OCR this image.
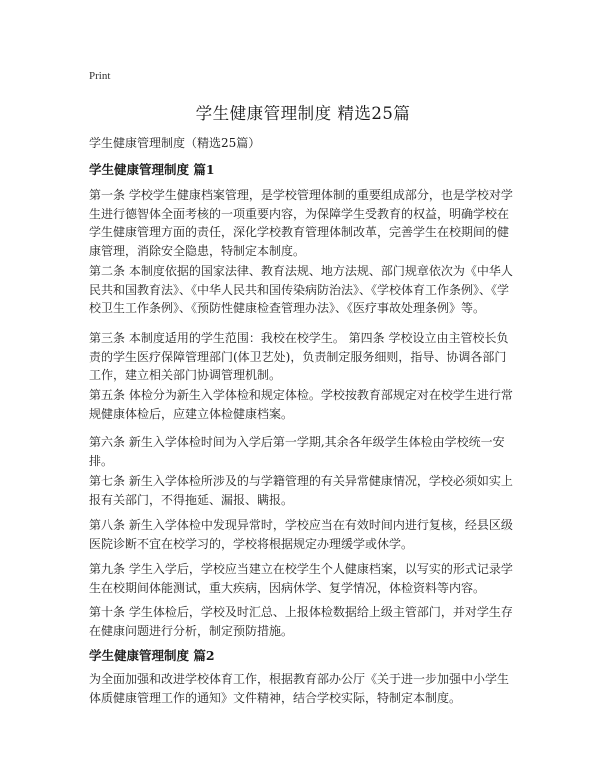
Print
学生健康管理制度 精选25篇
学生健康管理制度（精选25篇）
学生健康管理制度 篇1

第一条 学校学生健康档案管理，是学校管理体制的重要组成部分，也是学校对学生进行德智体全面考核的一项重要内容，为保障学生受教育的权益，明确学校在学生健康管理方面的责任，深化学校教育管理体制改革，完善学生在校期间的健康管理，消除安全隐患，特制定本制度。

第二条 本制度依据的国家法律、教育法规、地方法规、部门规章依次为《中华人民共和国教育法》、《中华人民共和国传染病防治法》、《学校体育工作条例》、《学校卫生工作条例》、《预防性健康检查管理办法》、《医疗事故处理条例》等。

第三条 本制度适用的学生范围：我校在校学生。 第四条 学校设立由主管校长负责的学生医疗保障管理部门(体卫艺处)，负责制定服务细则，指导、协调各部门工作，建立相关部门协调管理机制。

第五条 体检分为新生入学体检和规定体检。学校按教育部规定对在校学生进行常规健康体检后，应建立体检健康档案。

第六条 新生入学体检时间为入学后第一学期,其余各年级学生体检由学校统一安排。

第七条 新生入学体检所涉及的与学籍管理的有关异常健康情况，学校必须如实上报有关部门，不得拖延、漏报、瞒报。

第八条 新生入学体检中发现异常时，学校应当在有效时间内进行复核，经县区级医院诊断不宜在校学习的，学校将根据规定办理缓学或休学。

第九条 学生入学后，学校应当建立在校学生个人健康档案，以写实的形式记录学生在校期间体能测试，重大疾病，因病休学、复学情况，体检资料等内容。

第十条 学生体检后，学校及时汇总、上报体检数据给上级主管部门，并对学生存在健康问题进行分析，制定预防措施。

学生健康管理制度 篇2

为全面加强和改进学校体育工作，根据教育部办公厅《关于进一步加强中小学生体质健康管理工作的通知》文件精神，结合学校实际，特制定本制度。
